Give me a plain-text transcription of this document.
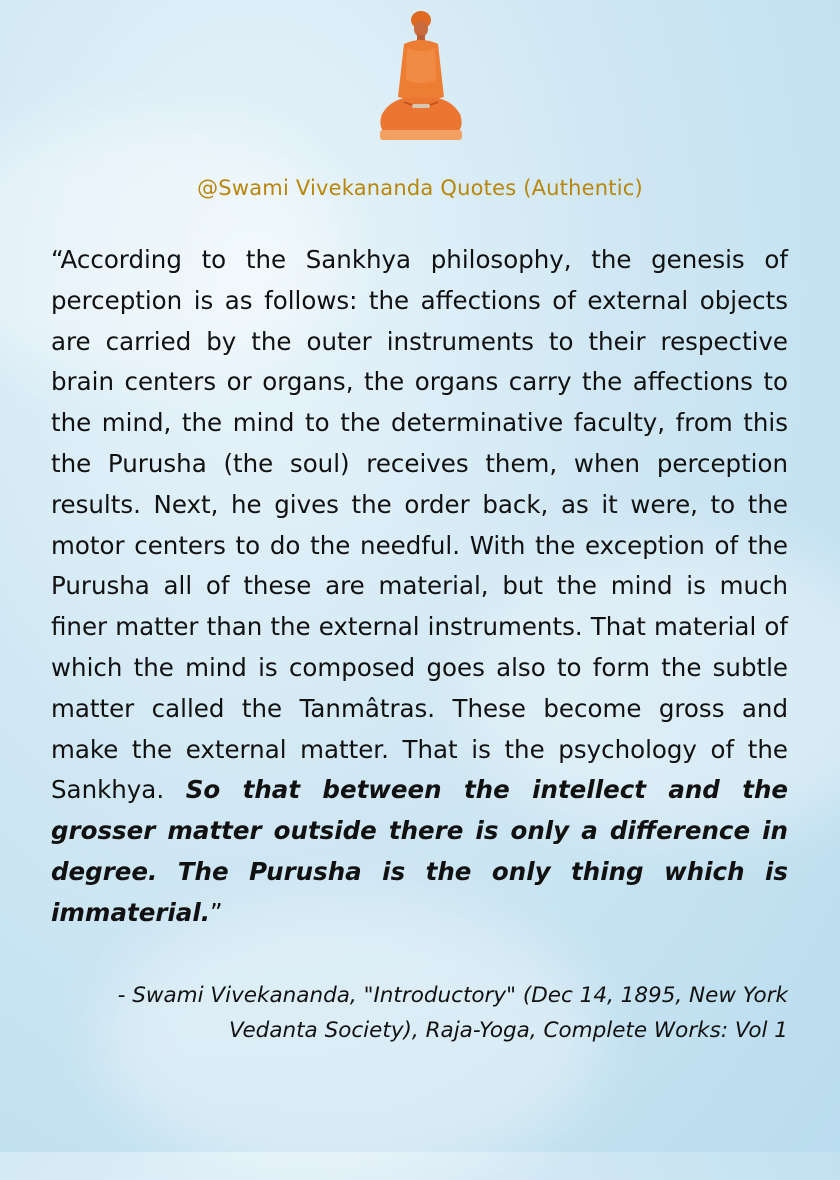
@Swami Vivekananda Quotes (Authentic)

“According to the Sankhya philosophy, the genesis of perception is as follows: the affections of external objects are carried by the outer instruments to their respective brain centers or organs, the organs carry the affections to the mind, the mind to the determinative faculty, from this the Purusha (the soul) receives them, when perception results. Next, he gives the order back, as it were, to the motor centers to do the needful. With the exception of the Purusha all of these are material, but the mind is much finer matter than the external instruments. That material of which the mind is composed goes also to form the subtle matter called the Tanmâtras. These become gross and make the external matter. That is the psychology of the Sankhya. So that between the intellect and the grosser matter outside there is only a difference in degree. The Purusha is the only thing which is immaterial.”

- Swami Vivekananda, "Introductory" (Dec 14, 1895, New York Vedanta Society), Raja-Yoga, Complete Works: Vol 1
